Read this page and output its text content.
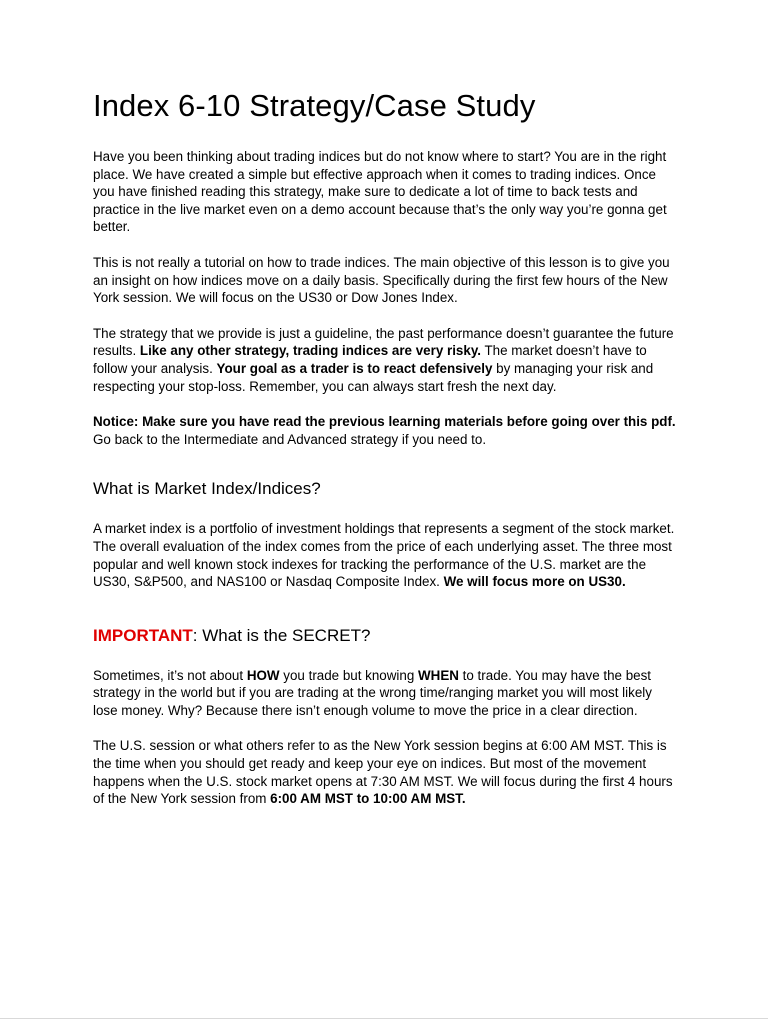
Index 6-10 Strategy/Case Study

Have you been thinking about trading indices but do not know where to start? You are in the right place. We have created a simple but effective approach when it comes to trading indices. Once you have finished reading this strategy, make sure to dedicate a lot of time to back tests and practice in the live market even on a demo account because that’s the only way you’re gonna get better.

This is not really a tutorial on how to trade indices. The main objective of this lesson is to give you an insight on how indices move on a daily basis. Specifically during the first few hours of the New York session. We will focus on the US30 or Dow Jones Index.

The strategy that we provide is just a guideline, the past performance doesn’t guarantee the future results. Like any other strategy, trading indices are very risky. The market doesn’t have to follow your analysis. Your goal as a trader is to react defensively by managing your risk and respecting your stop-loss. Remember, you can always start fresh the next day.

Notice: Make sure you have read the previous learning materials before going over this pdf. Go back to the Intermediate and Advanced strategy if you need to.

What is Market Index/Indices?

A market index is a portfolio of investment holdings that represents a segment of the stock market. The overall evaluation of the index comes from the price of each underlying asset. The three most popular and well known stock indexes for tracking the performance of the U.S. market are the US30, S&P500, and NAS100 or Nasdaq Composite Index. We will focus more on US30.

IMPORTANT: What is the SECRET?

Sometimes, it’s not about HOW you trade but knowing WHEN to trade. You may have the best strategy in the world but if you are trading at the wrong time/ranging market you will most likely lose money. Why? Because there isn’t enough volume to move the price in a clear direction.

The U.S. session or what others refer to as the New York session begins at 6:00 AM MST. This is the time when you should get ready and keep your eye on indices. But most of the movement happens when the U.S. stock market opens at 7:30 AM MST. We will focus during the first 4 hours of the New York session from 6:00 AM MST to 10:00 AM MST.
